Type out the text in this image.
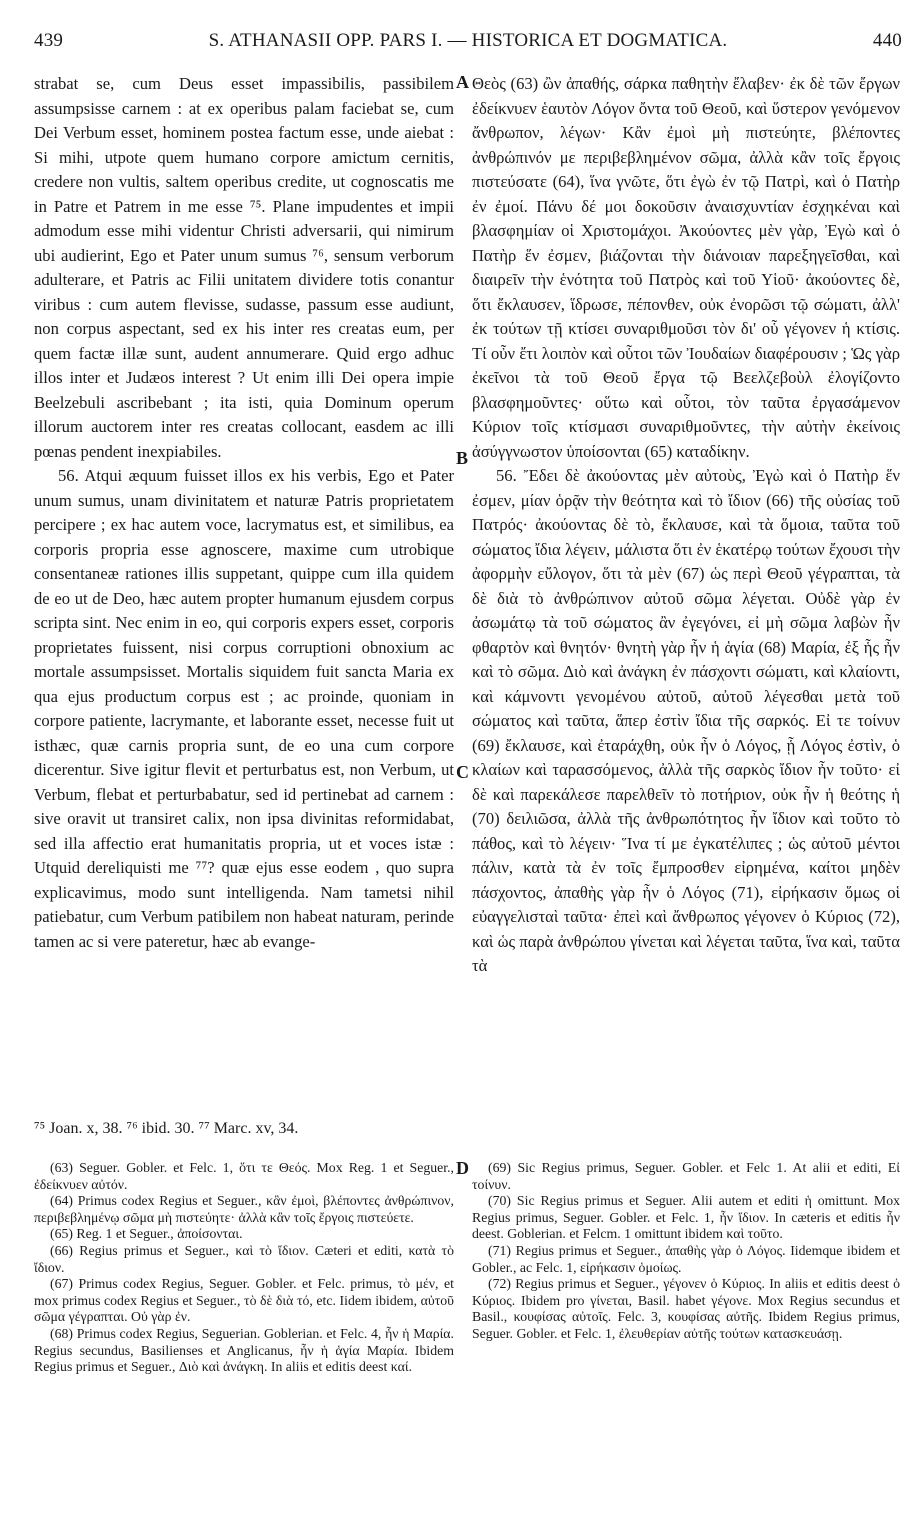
439	S. ATHANASII OPP. PARS I. — HISTORICA ET DOGMATICA.	440

strabat se, cum Deus esset impassibilis, passibilem assumpsisse carnem : at ex operibus palam faciebat se, cum Dei Verbum esset, hominem postea factum esse, unde aiebat : Si mihi, utpote quem humano corpore amictum cernitis, credere non vultis, saltem operibus credite, ut cognoscatis me in Patre et Patrem in me esse ⁷⁵. Plane impudentes et impii admodum esse mihi videntur Christi adversarii, qui nimirum ubi audierint, Ego et Pater unum sumus ⁷⁶, sensum verborum adulterare, et Patris ac Filii unitatem dividere totis conantur viribus : cum autem flevisse, sudasse, passum esse audiunt, non corpus aspectant, sed ex his inter res creatas eum, per quem factæ illæ sunt, audent annumerare. Quid ergo adhuc illos inter et Judæos interest ? Ut enim illi Dei opera impie Beelzebuli ascribebant ; ita isti, quia Dominum operum illorum auctorem inter res creatas collocant, easdem ac illi pœnas pendent inexpiabiles.

56. Atqui æquum fuisset illos ex his verbis, Ego et Pater unum sumus, unam divinitatem et naturæ Patris proprietatem percipere ; ex hac autem voce, lacrymatus est, et similibus, ea corporis propria esse agnoscere, maxime cum utrobique consentaneæ rationes illis suppetant, quippe cum illa quidem de eo ut de Deo, hæc autem propter humanum ejusdem corpus scripta sint. Nec enim in eo, qui corporis expers esset, corporis proprietates fuissent, nisi corpus corruptioni obnoxium ac mortale assumpsisset. Mortalis siquidem fuit sancta Maria ex qua ejus productum corpus est ; ac proinde, quoniam in corpore patiente, lacrymante, et laborante esset, necesse fuit ut isthæc, quæ carnis propria sunt, de eo una cum corpore dicerentur. Sive igitur flevit et perturbatus est, non Verbum, ut Verbum, flebat et perturbabatur, sed id pertinebat ad carnem : sive oravit ut transiret calix, non ipsa divinitas reformidabat, sed illa affectio erat humanitatis propria, ut et voces istæ : Utquid dereliquisti me ⁷⁷? quæ ejus esse eodem , quo supra explicavimus, modo sunt intelligenda. Nam tametsi nihil patiebatur, cum Verbum patibilem non habeat naturam, perinde tamen ac si vere pateretur, hæc ab evange-

A
B
C
D

Θεὸς (63) ὢν ἀπαθής, σάρκα παθητὴν ἔλαβεν· ἐκ δὲ τῶν ἔργων ἐδείκνυεν ἑαυτὸν Λόγον ὄντα τοῦ Θεοῦ, καὶ ὕστερον γενόμενον ἄνθρωπον, λέγων· Κἂν ἐμοὶ μὴ πιστεύητε, βλέποντες ἀνθρώπινόν με περιβεβλημένον σῶμα, ἀλλὰ κἂν τοῖς ἔργοις πιστεύσατε (64), ἵνα γνῶτε, ὅτι ἐγὼ ἐν τῷ Πατρὶ, καὶ ὁ Πατὴρ ἐν ἐμοί. Πάνυ δέ μοι δοκοῦσιν ἀναισχυντίαν ἐσχηκέναι καὶ βλασφημίαν οἱ Χριστομάχοι. Ἀκούοντες μὲν γὰρ, Ἐγὼ καὶ ὁ Πατὴρ ἕν ἐσμεν, βιάζονται τὴν διάνοιαν παρεξηγεῖσθαι, καὶ διαιρεῖν τὴν ἑνότητα τοῦ Πατρὸς καὶ τοῦ Υἱοῦ· ἀκούοντες δὲ, ὅτι ἔκλαυσεν, ἵδρωσε, πέπονθεν, οὐκ ἐνορῶσι τῷ σώματι, ἀλλ' ἐκ τούτων τῇ κτίσει συναριθμοῦσι τὸν δι' οὗ γέγονεν ἡ κτίσις. Τί οὖν ἔτι λοιπὸν καὶ οὗτοι τῶν Ἰουδαίων διαφέρουσιν ; Ὡς γὰρ ἐκεῖνοι τὰ τοῦ Θεοῦ ἔργα τῷ Βεελζεβοὺλ ἐλογίζοντο βλασφημοῦντες· οὕτω καὶ οὗτοι, τὸν ταῦτα ἐργασάμενον Κύριον τοῖς κτίσμασι συναριθμοῦντες, τὴν αὐτὴν ἐκείνοις ἀσύγγνωστον ὑποίσονται (65) καταδίκην.

56. Ἔδει δὲ ἀκούοντας μὲν αὐτοὺς, Ἐγὼ καὶ ὁ Πατὴρ ἕν ἐσμεν, μίαν ὁρᾷν τὴν θεότητα καὶ τὸ ἴδιον (66) τῆς οὐσίας τοῦ Πατρός· ἀκούοντας δὲ τὸ, ἔκλαυσε, καὶ τὰ ὅμοια, ταῦτα τοῦ σώματος ἴδια λέγειν, μάλιστα ὅτι ἐν ἑκατέρῳ τούτων ἔχουσι τὴν ἀφορμὴν εὔλογον, ὅτι τὰ μὲν (67) ὡς περὶ Θεοῦ γέγραπται, τὰ δὲ διὰ τὸ ἀνθρώπινον αὐτοῦ σῶμα λέγεται. Οὐδὲ γὰρ ἐν ἀσωμάτῳ τὰ τοῦ σώματος ἂν ἐγεγόνει, εἰ μὴ σῶμα λαβὼν ἦν φθαρτὸν καὶ θνητόν· θνητὴ γὰρ ἦν ἡ ἁγία (68) Μαρία, ἐξ ἧς ἦν καὶ τὸ σῶμα. Διὸ καὶ ἀνάγκη ἐν πάσχοντι σώματι, καὶ κλαίοντι, καὶ κάμνοντι γενομένου αὐτοῦ, αὐτοῦ λέγεσθαι μετὰ τοῦ σώματος καὶ ταῦτα, ἅπερ ἐστὶν ἴδια τῆς σαρκός. Εἰ τε τοίνυν (69) ἔκλαυσε, καὶ ἐταράχθη, οὐκ ἦν ὁ Λόγος, ᾗ Λόγος ἐστὶν, ὁ κλαίων καὶ ταρασσόμενος, ἀλλὰ τῆς σαρκὸς ἴδιον ἦν τοῦτο· εἰ δὲ καὶ παρεκάλεσε παρελθεῖν τὸ ποτήριον, οὐκ ἦν ἡ θεότης ἡ (70) δειλιῶσα, ἀλλὰ τῆς ἀνθρωπότητος ἦν ἴδιον καὶ τοῦτο τὸ πάθος, καὶ τὸ λέγειν· Ἵνα τί με ἐγκατέλιπες ; ὡς αὐτοῦ μέντοι πάλιν, κατὰ τὰ ἐν τοῖς ἔμπροσθεν εἰρημένα, καίτοι μηδὲν πάσχοντος, ἀπαθὴς γὰρ ἦν ὁ Λόγος (71), εἰρήκασιν ὅμως οἱ εὐαγγελισταὶ ταῦτα· ἐπεὶ καὶ ἄνθρωπος γέγονεν ὁ Κύριος (72), καὶ ὡς παρὰ ἀνθρώπου γίνεται καὶ λέγεται ταῦτα, ἵνα καὶ, ταῦτα τὰ

⁷⁵ Joan. x, 38. ⁷⁶ ibid. 30. ⁷⁷ Marc. xv, 34.

(63) Seguer. Gobler. et Felc. 1, ὅτι τε Θεός. Mox Reg. 1 et Seguer., ἐδείκνυεν αὐτόν.

(64) Primus codex Regius et Seguer., κἂν ἐμοὶ, βλέποντες ἀνθρώπινον, περιβεβλημένῳ σῶμα μὴ πιστεύητε· ἀλλὰ κἂν τοῖς ἔργοις πιστεύετε.

(65) Reg. 1 et Seguer., ἀποίσονται.

(66) Regius primus et Seguer., καὶ τὸ ἴδιον. Cæteri et editi, κατὰ τὸ ἴδιον.

(67) Primus codex Regius, Seguer. Gobler. et Felc. primus, τὸ μέν, et mox primus codex Regius et Seguer., τὸ δὲ διὰ τό, etc. Iidem ibidem, αὐτοῦ σῶμα γέγραπται. Οὐ γὰρ ἐν.

(68) Primus codex Regius, Seguerian. Goblerian. et Felc. 4, ἦν ἡ Μαρία. Regius secundus, Basilienses et Anglicanus, ἦν ἡ ἁγία Μαρία. Ibidem Regius primus et Seguer., Διὸ καὶ ἀνάγκη. In aliis et editis deest καί.

(69) Sic Regius primus, Seguer. Gobler. et Felc 1. At alii et editi, Εἰ τοίνυν.

(70) Sic Regius primus et Seguer. Alii autem et editi ἡ omittunt. Mox Regius primus, Seguer. Gobler. et Felc. 1, ἦν ἴδιον. In cæteris et editis ἦν deest. Goblerian. et Felcm. 1 omittunt ibidem καὶ τοῦτο.

(71) Regius primus et Seguer., ἀπαθὴς γὰρ ὁ Λόγος. Iidemque ibidem et Gobler., ac Felc. 1, εἰρήκασιν ὁμοίως.

(72) Regius primus et Seguer., γέγονεν ὁ Κύριος. In aliis et editis deest ὁ Κύριος. Ibidem pro γίνεται, Basil. habet γέγονε. Mox Regius secundus et Basil., κουφίσας αὐτοῖς. Felc. 3, κουφίσας αὐτῆς. Ibidem Regius primus, Seguer. Gobler. et Felc. 1, ἐλευθερίαν αὐτῆς τούτων κατασκευάσῃ.
